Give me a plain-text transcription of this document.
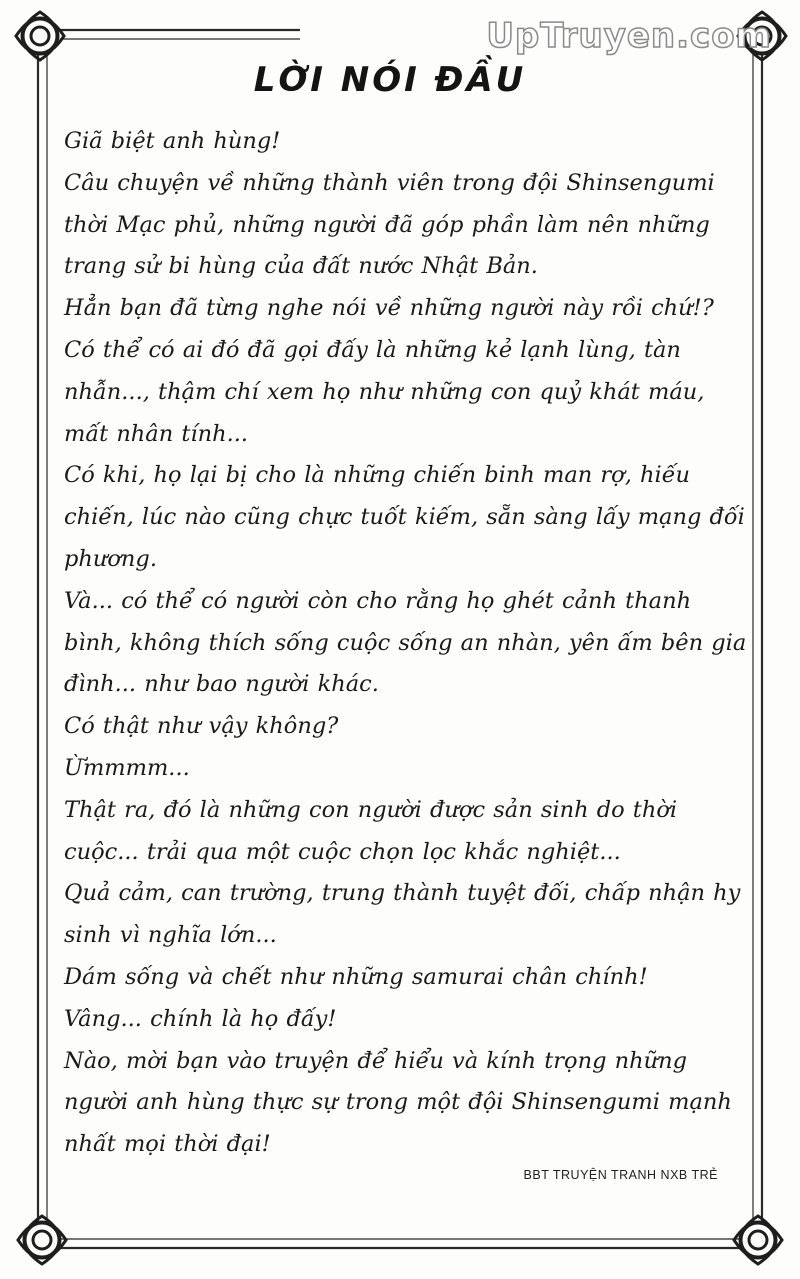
UpTruyen.com
LỜI NÓI ĐẦU

Giã biệt anh hùng!

Câu chuyện về những thành viên trong đội Shinsengumi thời Mạc phủ, những người đã góp phần làm nên những trang sử bi hùng của đất nước Nhật Bản.

Hẳn bạn đã từng nghe nói về những người này rồi chứ!?

Có thể có ai đó đã gọi đấy là những kẻ lạnh lùng, tàn nhẫn..., thậm chí xem họ như những con quỷ khát máu, mất nhân tính...

Có khi, họ lại bị cho là những chiến binh man rợ, hiếu chiến, lúc nào cũng chực tuốt kiếm, sẵn sàng lấy mạng đối phương.

Và... có thể có người còn cho rằng họ ghét cảnh thanh bình, không thích sống cuộc sống an nhàn, yên ấm bên gia đình... như bao người khác.

Có thật như vậy không?

Ừmmmm...

Thật ra, đó là những con người được sản sinh do thời cuộc... trải qua một cuộc chọn lọc khắc nghiệt...

Quả cảm, can trường, trung thành tuyệt đối, chấp nhận hy sinh vì nghĩa lớn...

Dám sống và chết như những samurai chân chính!

Vâng... chính là họ đấy!

Nào, mời bạn vào truyện để hiểu và kính trọng những người anh hùng thực sự trong một đội Shinsengumi mạnh nhất mọi thời đại!

BBT TRUYỆN TRANH NXB TRẺ
